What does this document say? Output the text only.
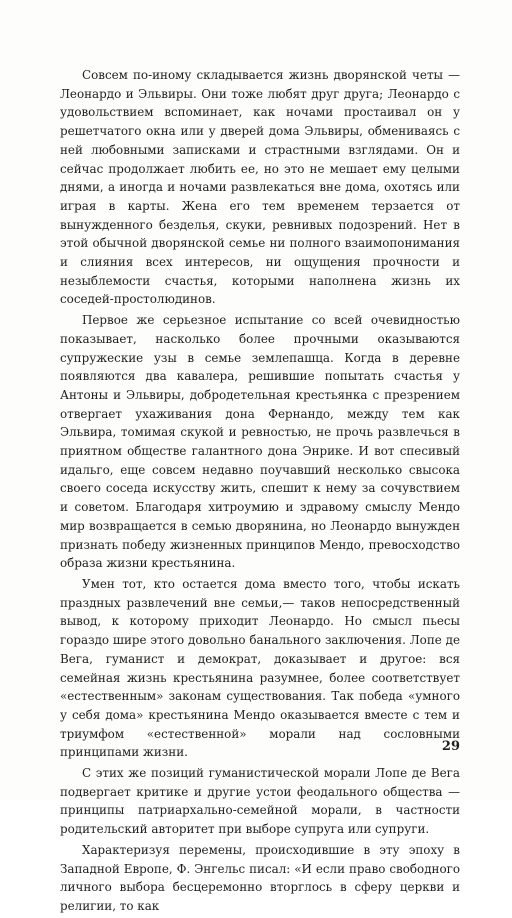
Совсем по-иному складывается жизнь дворянской четы — Леонардо и Эльвиры. Они тоже любят друг друга; Леонардо с удовольствием вспоминает, как ночами простаивал он у решетчатого окна или у дверей дома Эльвиры, обмениваясь с ней любовными записками и страстными взглядами. Он и сейчас продолжает любить ее, но это не мешает ему целыми днями, а иногда и ночами развлекаться вне дома, охотясь или играя в карты. Жена его тем временем терзается от вынужденного безделья, скуки, ревнивых подозрений. Нет в этой обычной дворянской семье ни полного взаимопонимания и слияния всех интересов, ни ощущения прочности и незыблемости счастья, которыми наполнена жизнь их соседей-простолюдинов.

Первое же серьезное испытание со всей очевидностью показывает, насколько более прочными оказываются супружеские узы в семье землепашца. Когда в деревне появляются два кавалера, решившие попытать счастья у Антоны и Эльвиры, добродетельная крестьянка с презрением отвергает ухаживания дона Фернандо, между тем как Эльвира, томимая скукой и ревностью, не прочь развлечься в приятном обществе галантного дона Энрике. И вот спесивый идальго, еще совсем недавно поучавший несколько свысока своего соседа искусству жить, спешит к нему за сочувствием и советом. Благодаря хитроумию и здравому смыслу Мендо мир возвращается в семью дворянина, но Леонардо вынужден признать победу жизненных принципов Мендо, превосходство образа жизни крестьянина.

Умен тот, кто остается дома вместо того, чтобы искать праздных развлечений вне семьи,— таков непосредственный вывод, к которому приходит Леонардо. Но смысл пьесы гораздо шире этого довольно банального заключения. Лопе де Вега, гуманист и демократ, доказывает и другое: вся семейная жизнь крестьянина разумнее, более соответствует «естественным» законам существования. Так победа «умного у себя дома» крестьянина Мендо оказывается вместе с тем и триумфом «естественной» морали над сословными принципами жизни.

С этих же позиций гуманистической морали Лопе де Вега подвергает критике и другие устои феодального общества — принципы патриархально-семейной морали, в частности родительский авторитет при выборе супруга или супруги.

Характеризуя перемены, происходившие в эту эпоху в Западной Европе, Ф. Энгельс писал: «И если право свободного личного выбора бесцеремонно вторглось в сферу церкви и религии, то как

29
